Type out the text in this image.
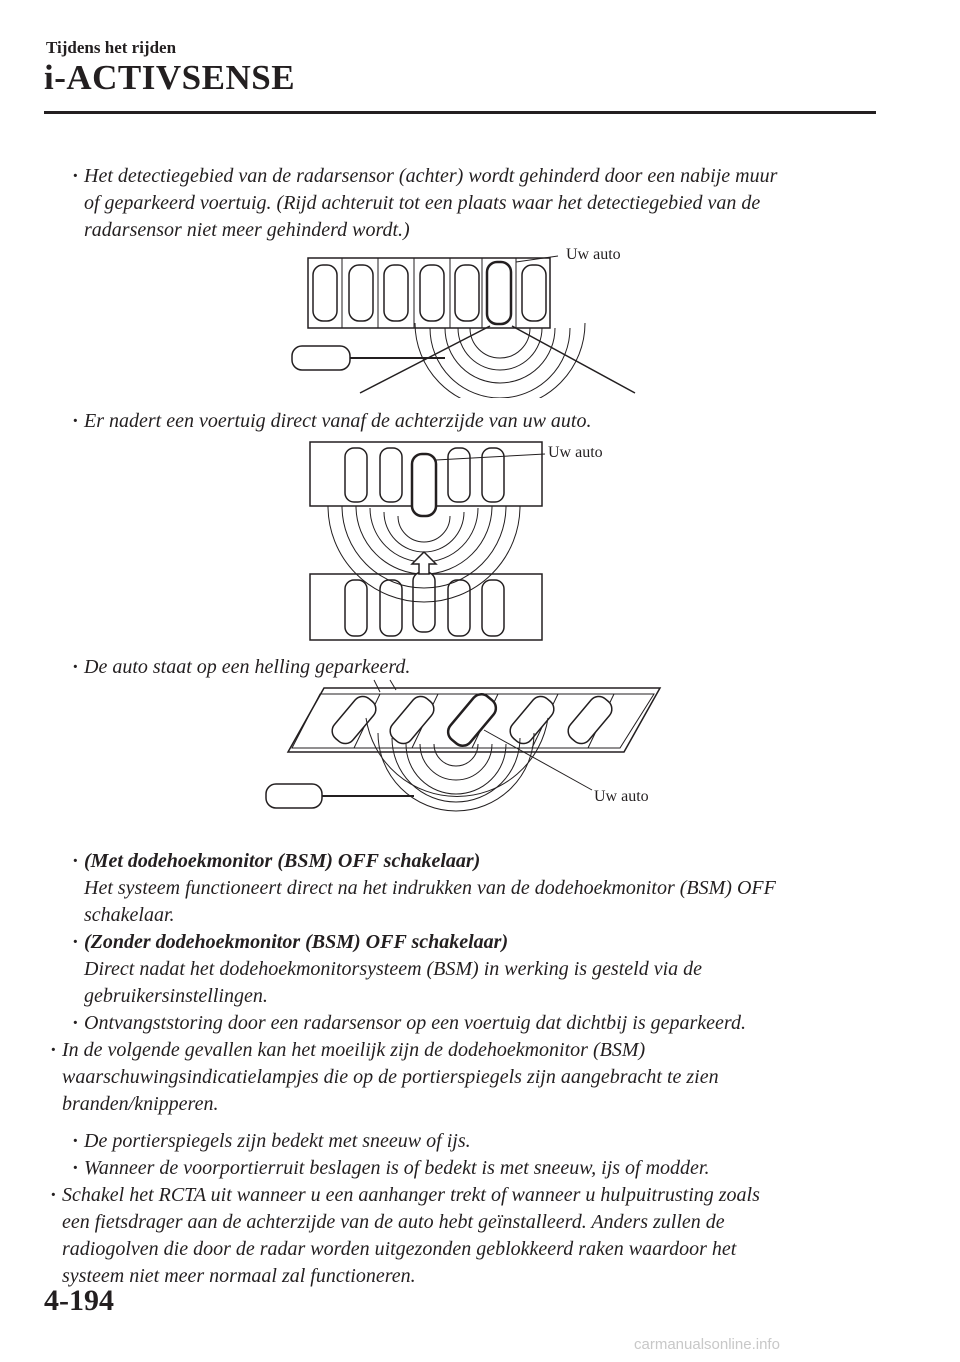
Tijdens het rijden
i-ACTIVSENSE
· Het detectiegebied van de radarsensor (achter) wordt gehinderd door een nabije muur
of geparkeerd voertuig. (Rijd achteruit tot een plaats waar het detectiegebied van de
radarsensor niet meer gehinderd wordt.)
Uw auto
· Er nadert een voertuig direct vanaf de achterzijde van uw auto.
Uw auto
· De auto staat op een helling geparkeerd.
Uw auto
· (Met dodehoekmonitor (BSM) OFF schakelaar)
Het systeem functioneert direct na het indrukken van de dodehoekmonitor (BSM) OFF
schakelaar.
· (Zonder dodehoekmonitor (BSM) OFF schakelaar)
Direct nadat het dodehoekmonitorsysteem (BSM) in werking is gesteld via de
gebruikersinstellingen.
· Ontvangststoring door een radarsensor op een voertuig dat dichtbij is geparkeerd.
· In de volgende gevallen kan het moeilijk zijn de dodehoekmonitor (BSM)
waarschuwingsindicatielampjes die op de portierspiegels zijn aangebracht te zien
branden/knipperen.
· De portierspiegels zijn bedekt met sneeuw of ijs.
· Wanneer de voorportierruit beslagen is of bedekt is met sneeuw, ijs of modder.
· Schakel het RCTA uit wanneer u een aanhanger trekt of wanneer u hulpuitrusting zoals
een fietsdrager aan de achterzijde van de auto hebt geïnstalleerd. Anders zullen de
radiogolven die door de radar worden uitgezonden geblokkeerd raken waardoor het
systeem niet meer normaal zal functioneren.
4-194
carmanualsonline.info
